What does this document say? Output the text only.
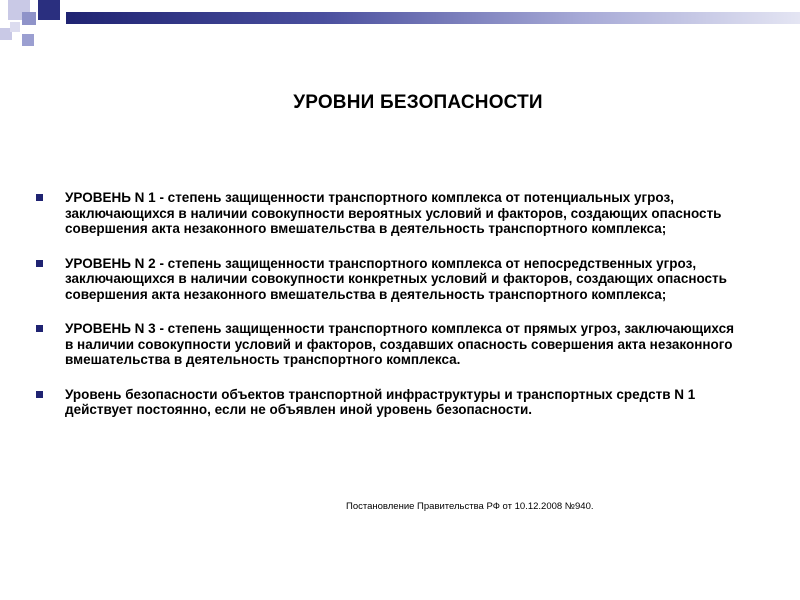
УРОВНИ БЕЗОПАСНОСТИ
УРОВЕНЬ N 1 - степень защищенности транспортного комплекса от потенциальных угроз, заключающихся в наличии совокупности вероятных условий и факторов, создающих опасность совершения акта незаконного вмешательства в деятельность транспортного комплекса;
УРОВЕНЬ N 2 - степень защищенности транспортного комплекса от непосредственных угроз, заключающихся в наличии совокупности конкретных условий и факторов, создающих опасность совершения акта незаконного вмешательства в деятельность транспортного комплекса;
УРОВЕНЬ N 3 - степень защищенности транспортного комплекса от прямых угроз, заключающихся в наличии совокупности условий и факторов, создавших опасность совершения акта незаконного вмешательства в деятельность транспортного комплекса.
Уровень безопасности объектов транспортной инфраструктуры и транспортных средств N 1 действует постоянно, если не объявлен иной уровень безопасности.
Постановление Правительства РФ от 10.12.2008 №940.
